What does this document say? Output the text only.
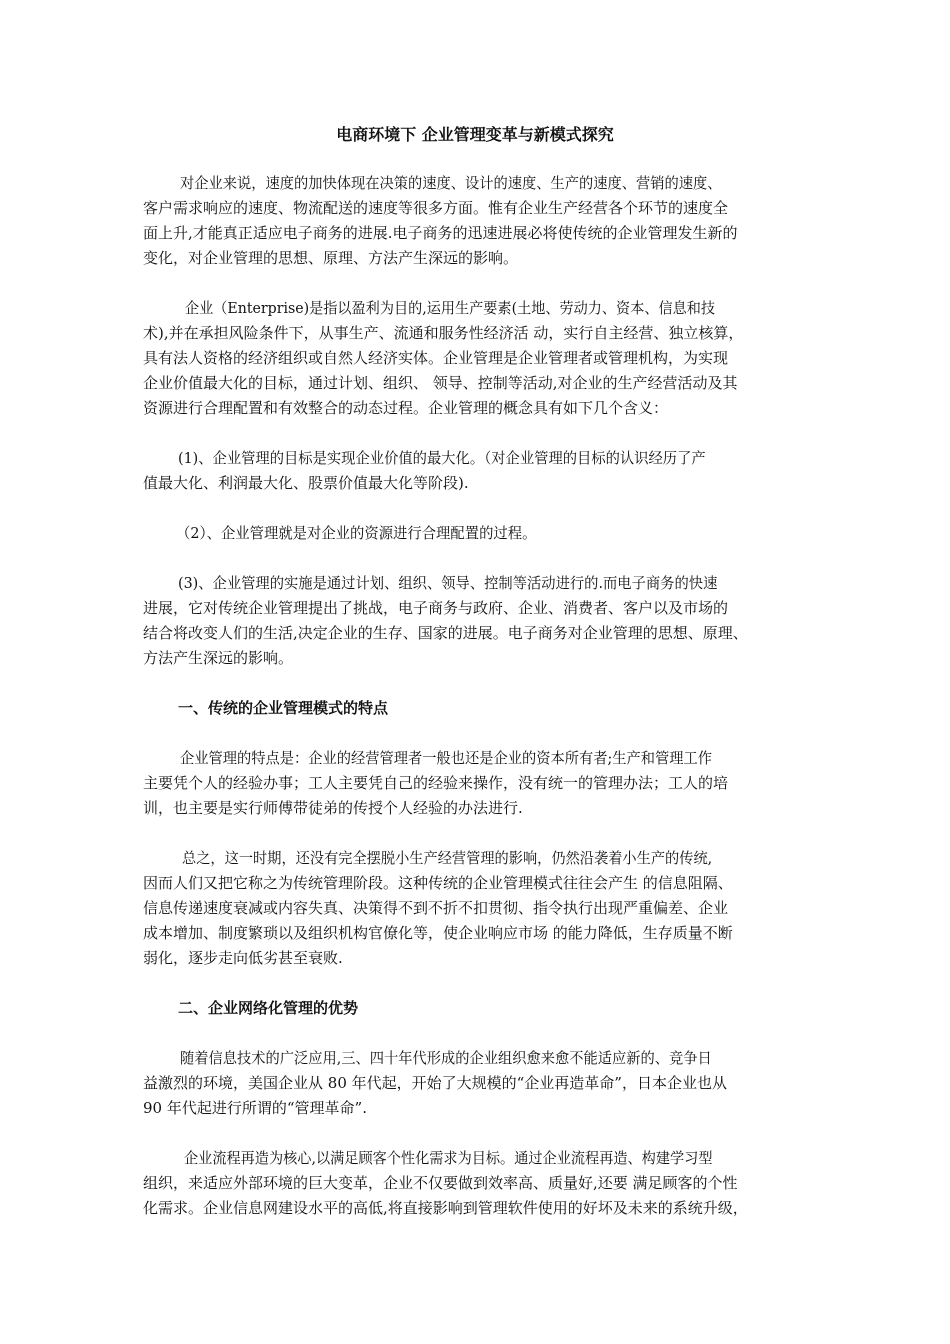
电商环境下 企业管理变革与新模式探究

对企业来说，速度的加快体现在决策的速度、设计的速度、生产的速度、营销的速度、

客户需求响应的速度、物流配送的速度等很多方面。惟有企业生产经营各个环节的速度全

面上升,才能真正适应电子商务的进展.电子商务的迅速进展必将使传统的企业管理发生新的

变化，对企业管理的思想、原理、方法产生深远的影响。

企业（Enterprise)是指以盈利为目的,运用生产要素(土地、劳动力、资本、信息和技

术),并在承担风险条件下，从事生产、流通和服务性经济活 动，实行自主经营、独立核算，

具有法人资格的经济组织或自然人经济实体。企业管理是企业管理者或管理机构，为实现

企业价值最大化的目标，通过计划、组织、 领导、控制等活动,对企业的生产经营活动及其

资源进行合理配置和有效整合的动态过程。企业管理的概念具有如下几个含义：

(1)、企业管理的目标是实现企业价值的最大化。（对企业管理的目标的认识经历了产

值最大化、利润最大化、股票价值最大化等阶段).

（2）、企业管理就是对企业的资源进行合理配置的过程。

(3)、企业管理的实施是通过计划、组织、领导、控制等活动进行的.而电子商务的快速

进展，它对传统企业管理提出了挑战，电子商务与政府、企业、消费者、客户以及市场的

结合将改变人们的生活,决定企业的生存、国家的进展。电子商务对企业管理的思想、原理、

方法产生深远的影响。

一、传统的企业管理模式的特点

企业管理的特点是：企业的经营管理者一般也还是企业的资本所有者;生产和管理工作

主要凭个人的经验办事；工人主要凭自己的经验来操作，没有统一的管理办法；工人的培

训，也主要是实行师傅带徒弟的传授个人经验的办法进行.

总之，这一时期，还没有完全摆脱小生产经营管理的影响，仍然沿袭着小生产的传统,

因而人们又把它称之为传统管理阶段。这种传统的企业管理模式往往会产生 的信息阻隔、

信息传递速度衰减或内容失真、决策得不到不折不扣贯彻、指令执行出现严重偏差、企业

成本增加、制度繁琐以及组织机构官僚化等，使企业响应市场 的能力降低，生存质量不断

弱化，逐步走向低劣甚至衰败.

二、企业网络化管理的优势

随着信息技术的广泛应用,三、四十年代形成的企业组织愈来愈不能适应新的、竞争日

益激烈的环境，美国企业从 80 年代起，开始了大规模的“企业再造革命”，日本企业也从

90 年代起进行所谓的“管理革命”.

企业流程再造为核心,以满足顾客个性化需求为目标。通过企业流程再造、构建学习型

组织，来适应外部环境的巨大变革，企业不仅要做到效率高、质量好,还要 满足顾客的个性

化需求。企业信息网建设水平的高低,将直接影响到管理软件使用的好坏及未来的系统升级，
